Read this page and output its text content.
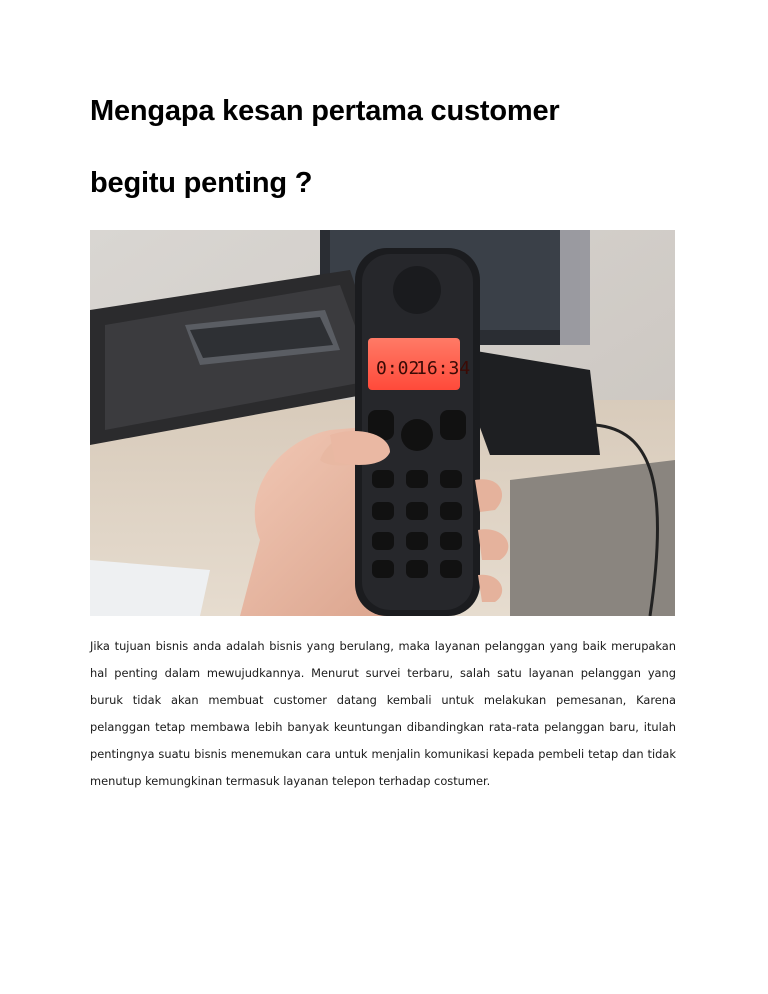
Mengapa kesan pertama customer
begitu penting ?
0:02
16:34

Jika tujuan bisnis anda adalah bisnis yang berulang, maka layanan pelanggan yang baik merupakan hal penting dalam mewujudkannya. Menurut survei terbaru, salah satu layanan pelanggan yang buruk tidak akan membuat customer datang kembali untuk melakukan pemesanan, Karena pelanggan tetap membawa lebih banyak keuntungan dibandingkan rata-rata pelanggan baru, itulah pentingnya suatu bisnis menemukan cara untuk menjalin komunikasi kepada pembeli tetap dan tidak menutup kemungkinan termasuk layanan telepon terhadap costumer.
